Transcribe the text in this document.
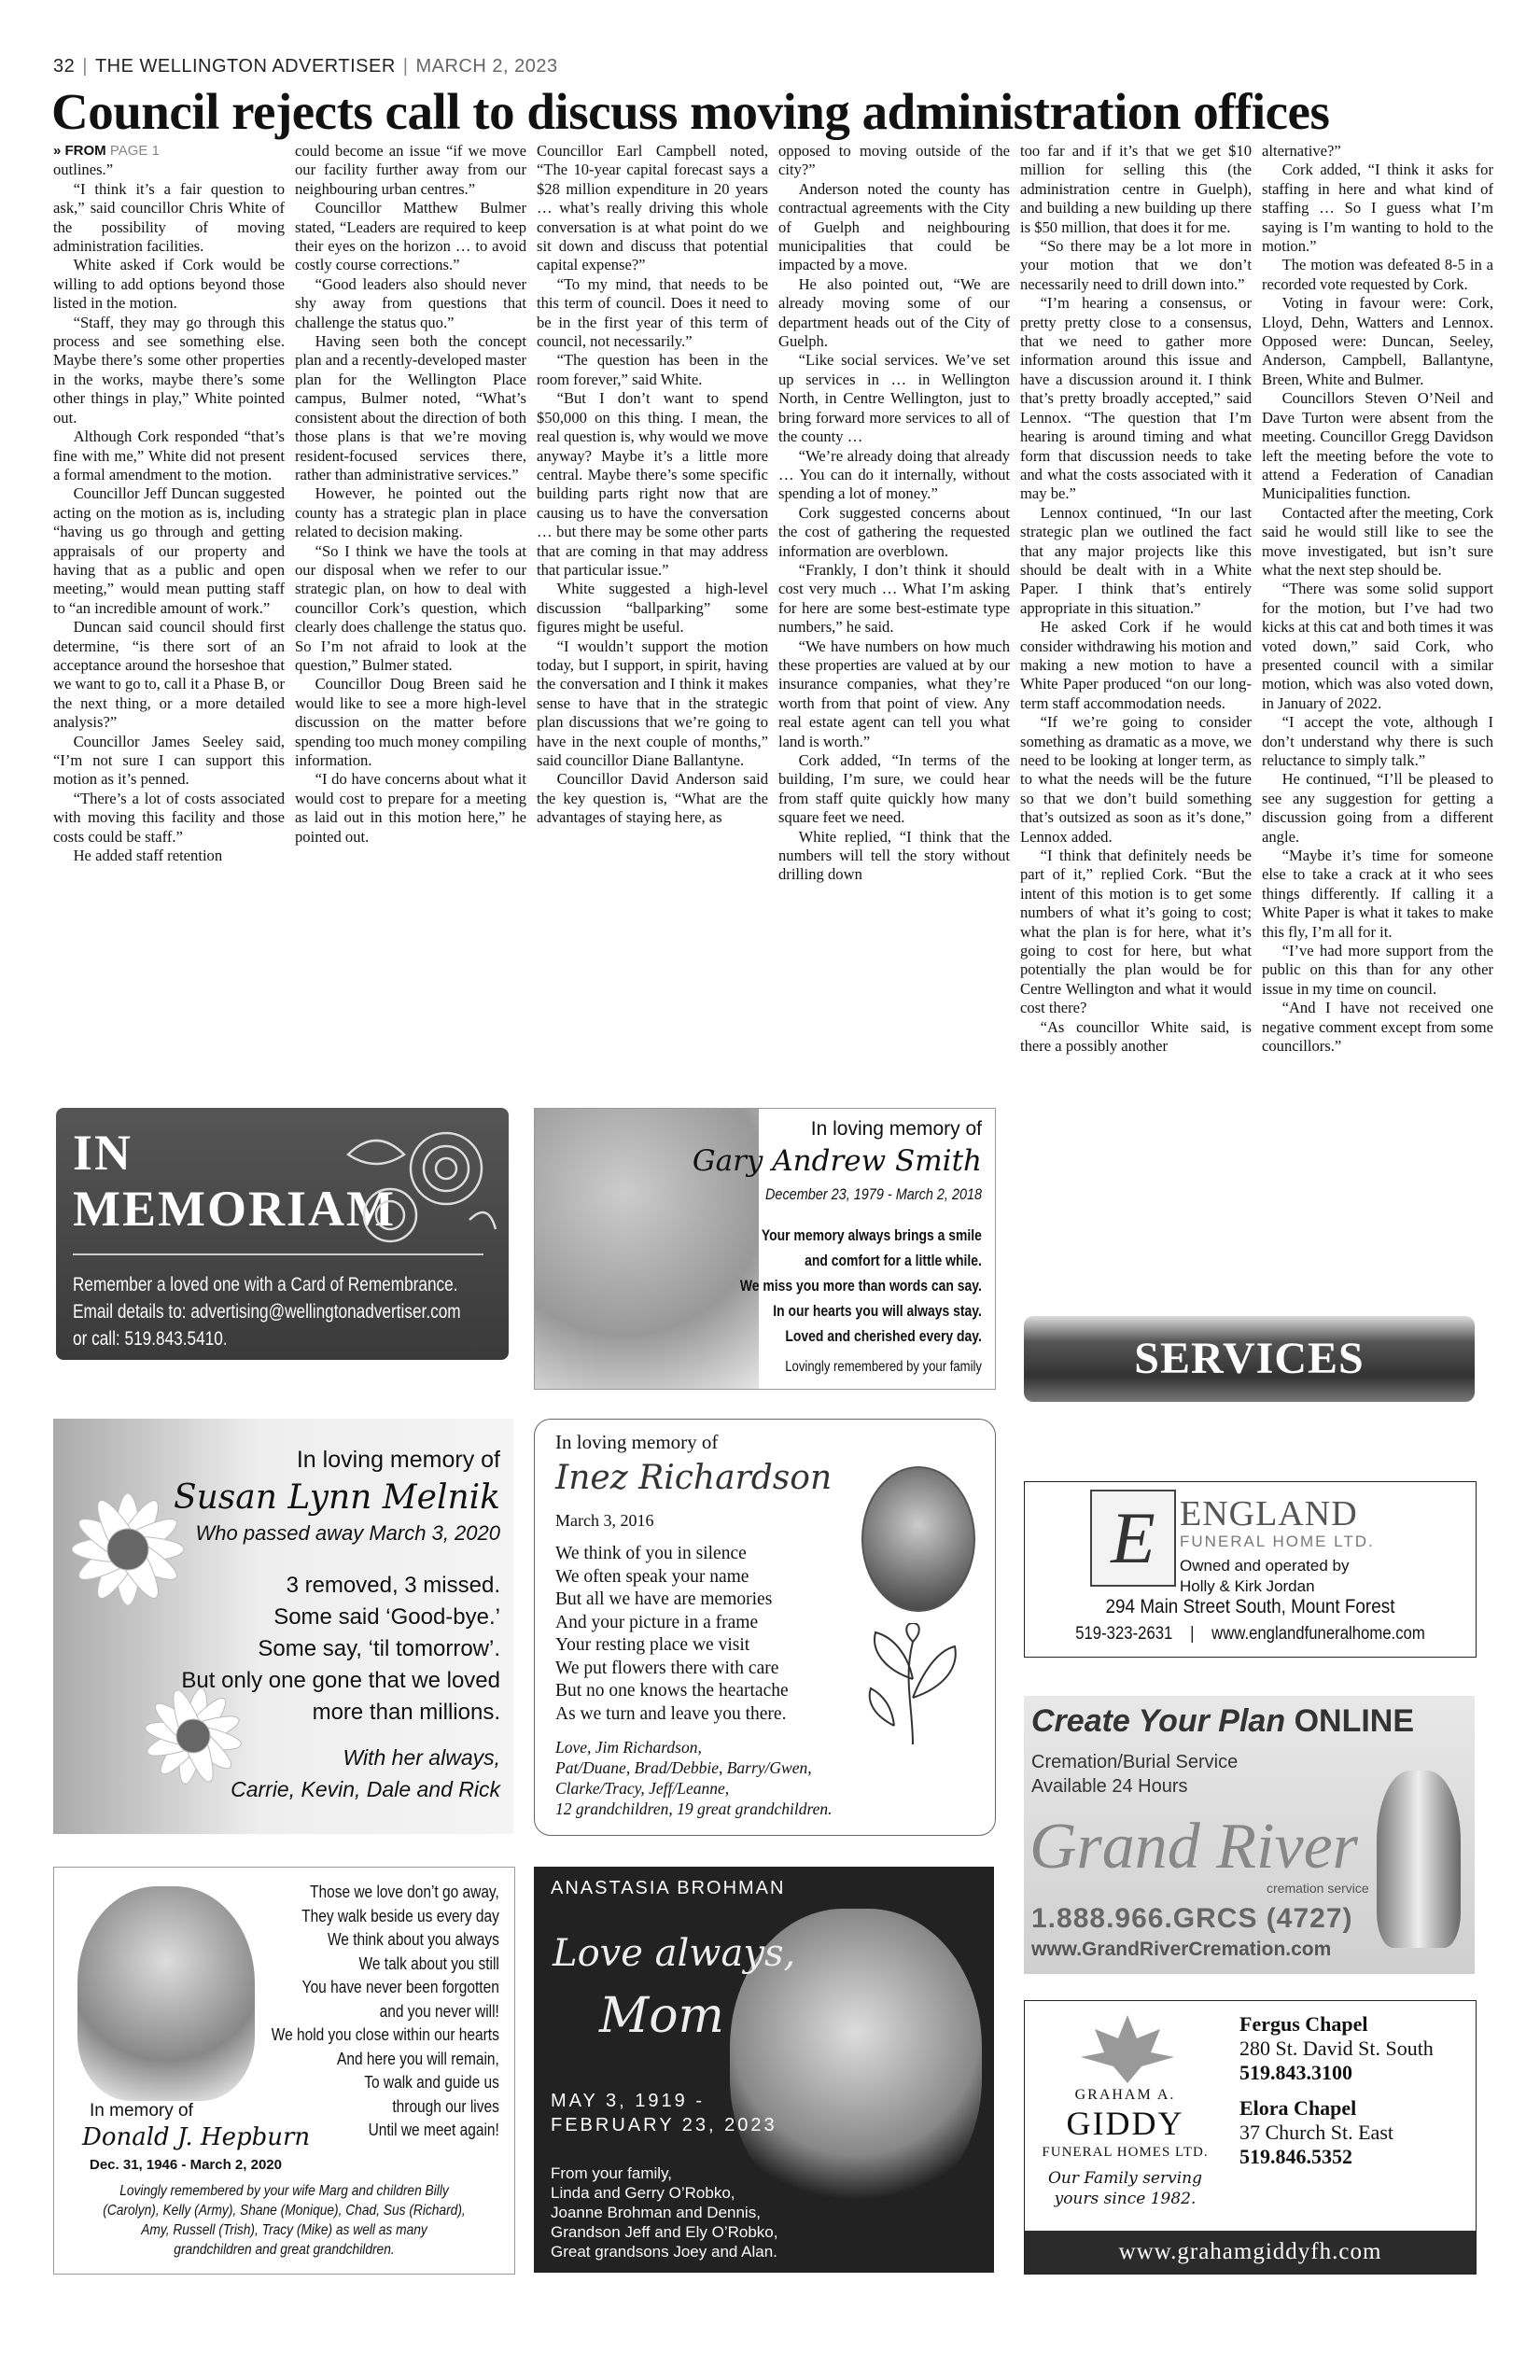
32 | THE WELLINGTON ADVERTISER | MARCH 2, 2023
Council rejects call to discuss moving administration offices
» FROM PAGE 1

outlines.”

“I think it’s a fair question to ask,” said councillor Chris White of the possibility of moving administration facilities.

White asked if Cork would be willing to add options beyond those listed in the motion.

“Staff, they may go through this process and see something else. Maybe there’s some other properties in the works, maybe there’s some other things in play,” White pointed out.

Although Cork responded “that’s fine with me,” White did not present a formal amendment to the motion.

Councillor Jeff Duncan suggested acting on the motion as is, including “having us go through and getting appraisals of our property and having that as a public and open meeting,” would mean putting staff to “an incredible amount of work.”

Duncan said council should first determine, “is there sort of an acceptance around the horseshoe that we want to go to, call it a Phase B, or the next thing, or a more detailed analysis?”

Councillor James Seeley said, “I’m not sure I can support this motion as it’s penned.

“There’s a lot of costs associated with moving this facility and those costs could be staff.”

He added staff retention

could become an issue “if we move our facility further away from our neighbouring urban centres.”

Councillor Matthew Bulmer stated, “Leaders are required to keep their eyes on the horizon … to avoid costly course corrections.”

“Good leaders also should never shy away from questions that challenge the status quo.”

Having seen both the concept plan and a recently-developed master plan for the Wellington Place campus, Bulmer noted, “What’s consistent about the direction of both those plans is that we’re moving resident-focused services there, rather than administrative services.”

However, he pointed out the county has a strategic plan in place related to decision making.

“So I think we have the tools at our disposal when we refer to our strategic plan, on how to deal with councillor Cork’s question, which clearly does challenge the status quo. So I’m not afraid to look at the question,” Bulmer stated.

Councillor Doug Breen said he would like to see a more high-level discussion on the matter before spending too much money compiling information.

“I do have concerns about what it would cost to prepare for a meeting as laid out in this motion here,” he pointed out.

Councillor Earl Campbell noted, “The 10-year capital forecast says a $28 million expenditure in 20 years … what’s really driving this whole conversation is at what point do we sit down and discuss that potential capital expense?”

“To my mind, that needs to be this term of council. Does it need to be in the first year of this term of council, not necessarily.”

“The question has been in the room forever,” said White.

“But I don’t want to spend $50,000 on this thing. I mean, the real question is, why would we move anyway? Maybe it’s a little more central. Maybe there’s some specific building parts right now that are causing us to have the conversation … but there may be some other parts that are coming in that may address that particular issue.”

White suggested a high-level discussion “ballparking” some figures might be useful.

“I wouldn’t support the motion today, but I support, in spirit, having the conversation and I think it makes sense to have that in the strategic plan discussions that we’re going to have in the next couple of months,” said councillor Diane Ballantyne.

Councillor David Anderson said the key question is, “What are the advantages of staying here, as

opposed to moving outside of the city?”

Anderson noted the county has contractual agreements with the City of Guelph and neighbouring municipalities that could be impacted by a move.

He also pointed out, “We are already moving some of our department heads out of the City of Guelph.

“Like social services. We’ve set up services in … in Wellington North, in Centre Wellington, just to bring forward more services to all of the county …

“We’re already doing that already … You can do it internally, without spending a lot of money.”

Cork suggested concerns about the cost of gathering the requested information are overblown.

“Frankly, I don’t think it should cost very much … What I’m asking for here are some best-estimate type numbers,” he said.

“We have numbers on how much these properties are valued at by our insurance companies, what they’re worth from that point of view. Any real estate agent can tell you what land is worth.”

Cork added, “In terms of the building, I’m sure, we could hear from staff quite quickly how many square feet we need.

White replied, “I think that the numbers will tell the story without drilling down

too far and if it’s that we get $10 million for selling this (the administration centre in Guelph), and building a new building up there is $50 million, that does it for me.

“So there may be a lot more in your motion that we don’t necessarily need to drill down into.”

“I’m hearing a consensus, or pretty pretty close to a consensus, that we need to gather more information around this issue and have a discussion around it. I think that’s pretty broadly accepted,” said Lennox. “The question that I’m hearing is around timing and what form that discussion needs to take and what the costs associated with it may be.”

Lennox continued, “In our last strategic plan we outlined the fact that any major projects like this should be dealt with in a White Paper. I think that’s entirely appropriate in this situation.”

He asked Cork if he would consider withdrawing his motion and making a new motion to have a White Paper produced “on our long-term staff accommodation needs.

“If we’re going to consider something as dramatic as a move, we need to be looking at longer term, as to what the needs will be the future so that we don’t build something that’s outsized as soon as it’s done,” Lennox added.

“I think that definitely needs be part of it,” replied Cork. “But the intent of this motion is to get some numbers of what it’s going to cost; what the plan is for here, what it’s going to cost for here, but what potentially the plan would be for Centre Wellington and what it would cost there?

“As councillor White said, is there a possibly another

alternative?”

Cork added, “I think it asks for staffing in here and what kind of staffing … So I guess what I’m saying is I’m wanting to hold to the motion.”

The motion was defeated 8-5 in a recorded vote requested by Cork.

Voting in favour were: Cork, Lloyd, Dehn, Watters and Lennox. Opposed were: Duncan, Seeley, Anderson, Campbell, Ballantyne, Breen, White and Bulmer.

Councillors Steven O’Neil and Dave Turton were absent from the meeting. Councillor Gregg Davidson left the meeting before the vote to attend a Federation of Canadian Municipalities function.

Contacted after the meeting, Cork said he would still like to see the move investigated, but isn’t sure what the next step should be.

“There was some solid support for the motion, but I’ve had two kicks at this cat and both times it was voted down,” said Cork, who presented council with a similar motion, which was also voted down, in January of 2022.

“I accept the vote, although I don’t understand why there is such reluctance to simply talk.”

He continued, “I’ll be pleased to see any suggestion for getting a discussion going from a different angle.

“Maybe it’s time for someone else to take a crack at it who sees things differently. If calling it a White Paper is what it takes to make this fly, I’m all for it.

“I’ve had more support from the public on this than for any other issue in my time on council.

“And I have not received one negative comment except from some councillors.”

IN
MEMORIAM
Remember a loved one with a Card of Remembrance.
Email details to: advertising@wellingtonadvertiser.com
or call: 519.843.5410.
In loving memory of
Gary Andrew Smith
December 23, 1979 - March 2, 2018
Your memory always brings a smile
and comfort for a little while.
We miss you more than words can say.
In our hearts you will always stay.
Loved and cherished every day.
Lovingly remembered by your family	SERVICES
E ENGLAND
FUNERAL HOME LTD.
Owned and operated by
Holly & Kirk Jordan
294 Main Street South, Mount Forest
519-323-2631 | www.englandfuneralhome.com
In loving memory of
Susan Lynn Melnik
Who passed away March 3, 2020
3 removed, 3 missed.
Some said ‘Good-bye.’
Some say, ‘til tomorrow’.
But only one gone that we loved
more than millions.
With her always,
Carrie, Kevin, Dale and Rick
In loving memory of
Inez Richardson
March 3, 2016
We think of you in silence
We often speak your name
But all we have are memories
And your picture in a frame
Your resting place we visit
We put flowers there with care
But no one knows the heartache
As we turn and leave you there.
Love, Jim Richardson,
Pat/Duane, Brad/Debbie, Barry/Gwen,
Clarke/Tracy, Jeff/Leanne,
12 grandchildren, 19 great grandchildren.
Create Your Plan ONLINE
Cremation/Burial Service
Available 24 Hours
Grand River
cremation service
1.888.966.GRCS (4727)
www.GrandRiverCremation.com
Those we love don’t go away,
They walk beside us every day
We think about you always
We talk about you still
You have never been forgotten
and you never will!
We hold you close within our hearts
And here you will remain,
To walk and guide us
through our lives
Until we meet again!
In memory of
Donald J. Hepburn
Dec. 31, 1946 - March 2, 2020
Lovingly remembered by your wife Marg and children Billy
(Carolyn), Kelly (Army), Shane (Monique), Chad, Sus (Richard),
Amy, Russell (Trish), Tracy (Mike) as well as many
grandchildren and great grandchildren.
ANASTASIA BROHMAN
Love always,
Mom
MAY 3, 1919 -
FEBRUARY 23, 2023
From your family,
Linda and Gerry O’Robko,
Joanne Brohman and Dennis,
Grandson Jeff and Ely O’Robko,
Great grandsons Joey and Alan.
GRAHAM A.
GIDDY
FUNERAL HOMES LTD.
Our Family serving
yours since 1982.
Fergus Chapel
280 St. David St. South
519.843.3100
Elora Chapel
37 Church St. East
519.846.5352
www.grahamgiddyfh.com
